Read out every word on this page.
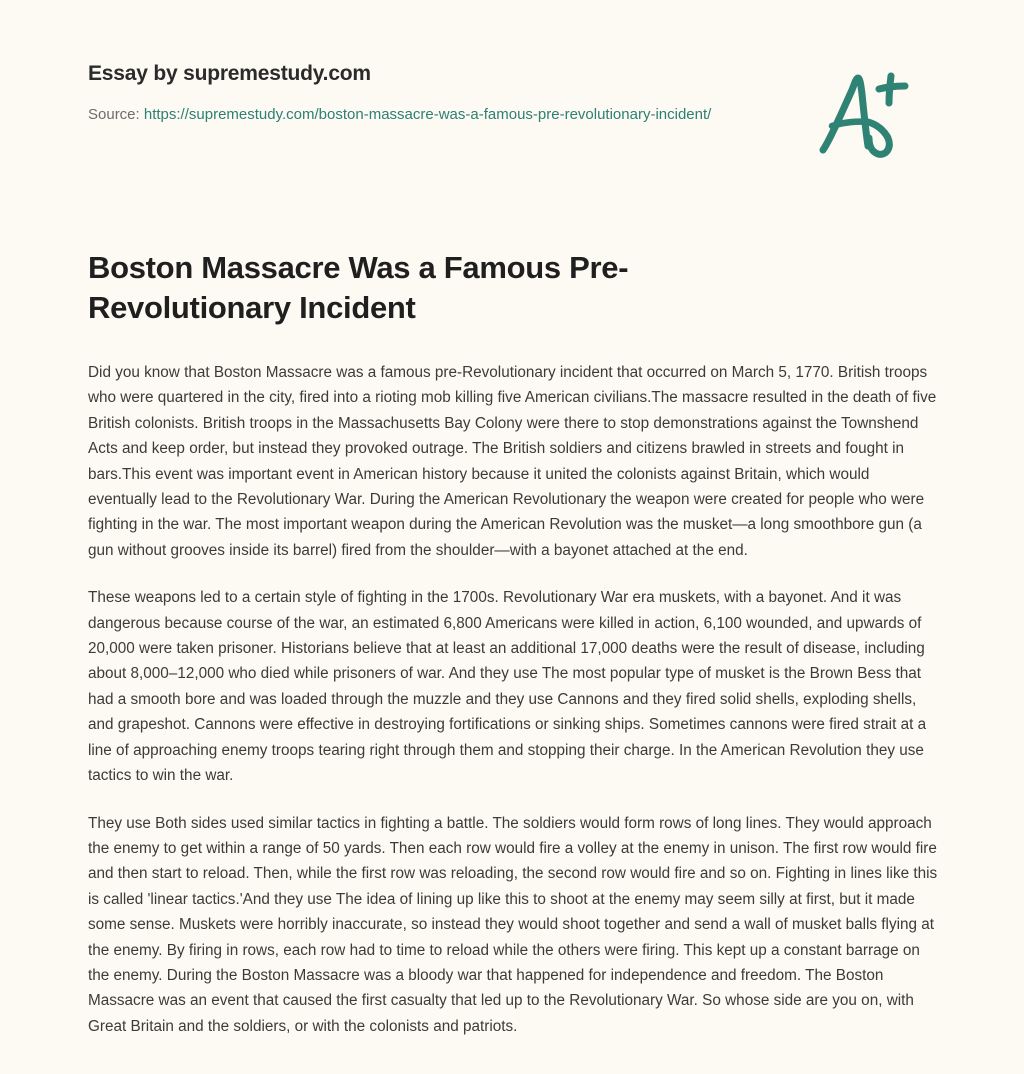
Essay by supremestudy.com

Source: https://supremestudy.com/boston-massacre-was-a-famous-pre-revolutionary-incident/

Boston Massacre Was a Famous Pre-Revolutionary Incident

Did you know that Boston Massacre was a famous pre-Revolutionary incident that occurred on March 5, 1770. British troops who were quartered in the city, fired into a rioting mob killing five American civilians.The massacre resulted in the death of five British colonists. British troops in the Massachusetts Bay Colony were there to stop demonstrations against the Townshend Acts and keep order, but instead they provoked outrage. The British soldiers and citizens brawled in streets and fought in bars.This event was important event in American history because it united the colonists against Britain, which would eventually lead to the Revolutionary War. During the American Revolutionary the weapon were created for people who were fighting in the war. The most important weapon during the American Revolution was the musket—a long smoothbore gun (a gun without grooves inside its barrel) fired from the shoulder—with a bayonet attached at the end.

These weapons led to a certain style of fighting in the 1700s. Revolutionary War era muskets, with a bayonet. And it was dangerous because course of the war, an estimated 6,800 Americans were killed in action, 6,100 wounded, and upwards of 20,000 were taken prisoner. Historians believe that at least an additional 17,000 deaths were the result of disease, including about 8,000–12,000 who died while prisoners of war. And they use The most popular type of musket is the Brown Bess that had a smooth bore and was loaded through the muzzle and they use Cannons and they fired solid shells, exploding shells, and grapeshot. Cannons were effective in destroying fortifications or sinking ships. Sometimes cannons were fired strait at a line of approaching enemy troops tearing right through them and stopping their charge. In the American Revolution they use tactics to win the war.

They use Both sides used similar tactics in fighting a battle. The soldiers would form rows of long lines. They would approach the enemy to get within a range of 50 yards. Then each row would fire a volley at the enemy in unison. The first row would fire and then start to reload. Then, while the first row was reloading, the second row would fire and so on. Fighting in lines like this is called 'linear tactics.'And they use The idea of lining up like this to shoot at the enemy may seem silly at first, but it made some sense. Muskets were horribly inaccurate, so instead they would shoot together and send a wall of musket balls flying at the enemy. By firing in rows, each row had to time to reload while the others were firing. This kept up a constant barrage on the enemy. During the Boston Massacre was a bloody war that happened for independence and freedom. The Boston Massacre was an event that caused the first casualty that led up to the Revolutionary War. So whose side are you on, with Great Britain and the soldiers, or with the colonists and patriots.
